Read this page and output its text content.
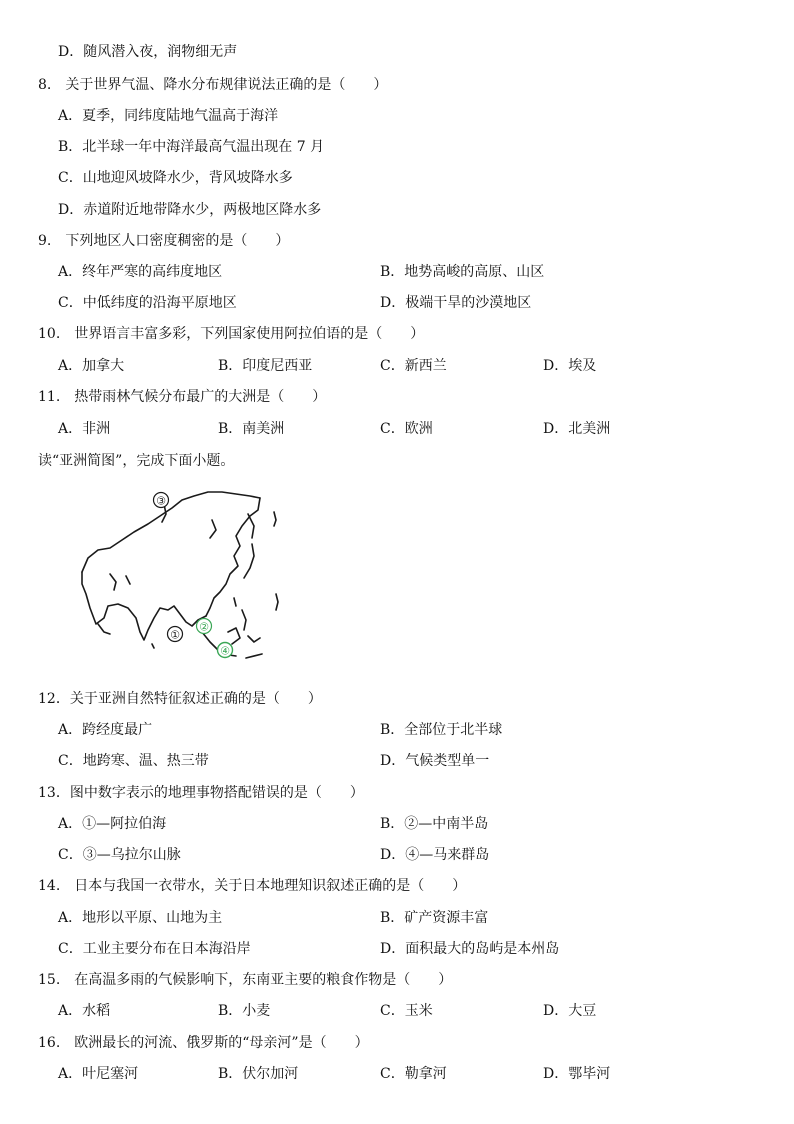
D．随风潜入夜，润物细无声
8.　关于世界气温、降水分布规律说法正确的是（　　）
A．夏季，同纬度陆地气温高于海洋
B．北半球一年中海洋最高气温出现在 7 月
C．山地迎风坡降水少，背风坡降水多
D．赤道附近地带降水少，两极地区降水多
9.　下列地区人口密度稠密的是（　　）
A．终年严寒的高纬度地区	B．地势高峻的高原、山区
C．中低纬度的沿海平原地区	D．极端干旱的沙漠地区
10.　世界语言丰富多彩，下列国家使用阿拉伯语的是（　　）
A．加拿大	B．印度尼西亚	C．新西兰	D．埃及
11.　热带雨林气候分布最广的大洲是（　　）
A．非洲	B．南美洲	C．欧洲	D．北美洲
读“亚洲简图”，完成下面小题。
③
②
①
④
12．关于亚洲自然特征叙述正确的是（　　）
A．跨经度最广	B．全部位于北半球
C．地跨寒、温、热三带	D．气候类型单一
13．图中数字表示的地理事物搭配错误的是（　　）
A．①—阿拉伯海	B．②—中南半岛
C．③—乌拉尔山脉	D．④—马来群岛
14.　日本与我国一衣带水，关于日本地理知识叙述正确的是（　　）
A．地形以平原、山地为主	B．矿产资源丰富
C．工业主要分布在日本海沿岸	D．面积最大的岛屿是本州岛
15.　在高温多雨的气候影响下，东南亚主要的粮食作物是（　　）
A．水稻	B．小麦	C．玉米	D．大豆
16.　欧洲最长的河流、俄罗斯的“母亲河”是（　　）
A．叶尼塞河	B．伏尔加河	C．勒拿河	D．鄂毕河
